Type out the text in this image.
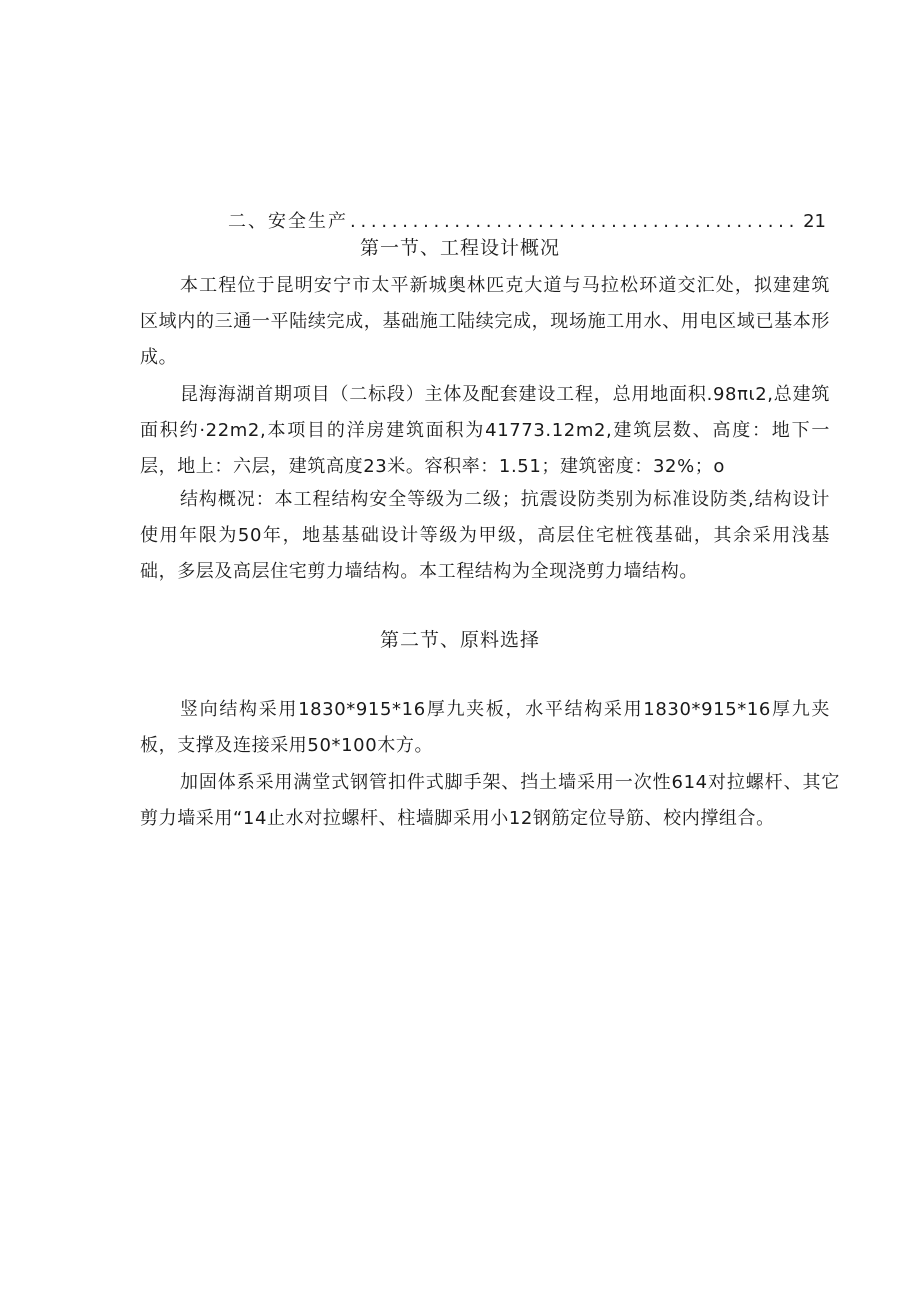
二、安全生产
. . .	21
第一节、工程设计概况

本工程位于昆明安宁市太平新城奥林匹克大道与马拉松环道交汇处，拟建建筑区域内的三通一平陆续完成，基础施工陆续完成，现场施工用水、用电区域已基本形成。

昆海海湖首期项目（二标段）主体及配套建设工程，总用地面积.98πι2,总建筑面积约·22m2,本项目的洋房建筑面积为41773.12m2,建筑层数、高度：地下一层，地上：六层，建筑高度23米。容积率：1.51；建筑密度：32%；o

结构概况：本工程结构安全等级为二级；抗震设防类别为标准设防类,结构设计使用年限为50年，地基基础设计等级为甲级，高层住宅桩筏基础，其余采用浅基础，多层及高层住宅剪力墙结构。本工程结构为全现浇剪力墙结构。

第二节、原料选择

竖向结构采用1830*915*16厚九夹板，水平结构采用1830*915*16厚九夹板，支撑及连接采用50*100木方。

加固体系采用满堂式钢管扣件式脚手架、挡土墙采用一次性614对拉螺杆、其它剪力墙采用“14止水对拉螺杆、柱墙脚采用小12钢筋定位导筋、校内撑组合。
